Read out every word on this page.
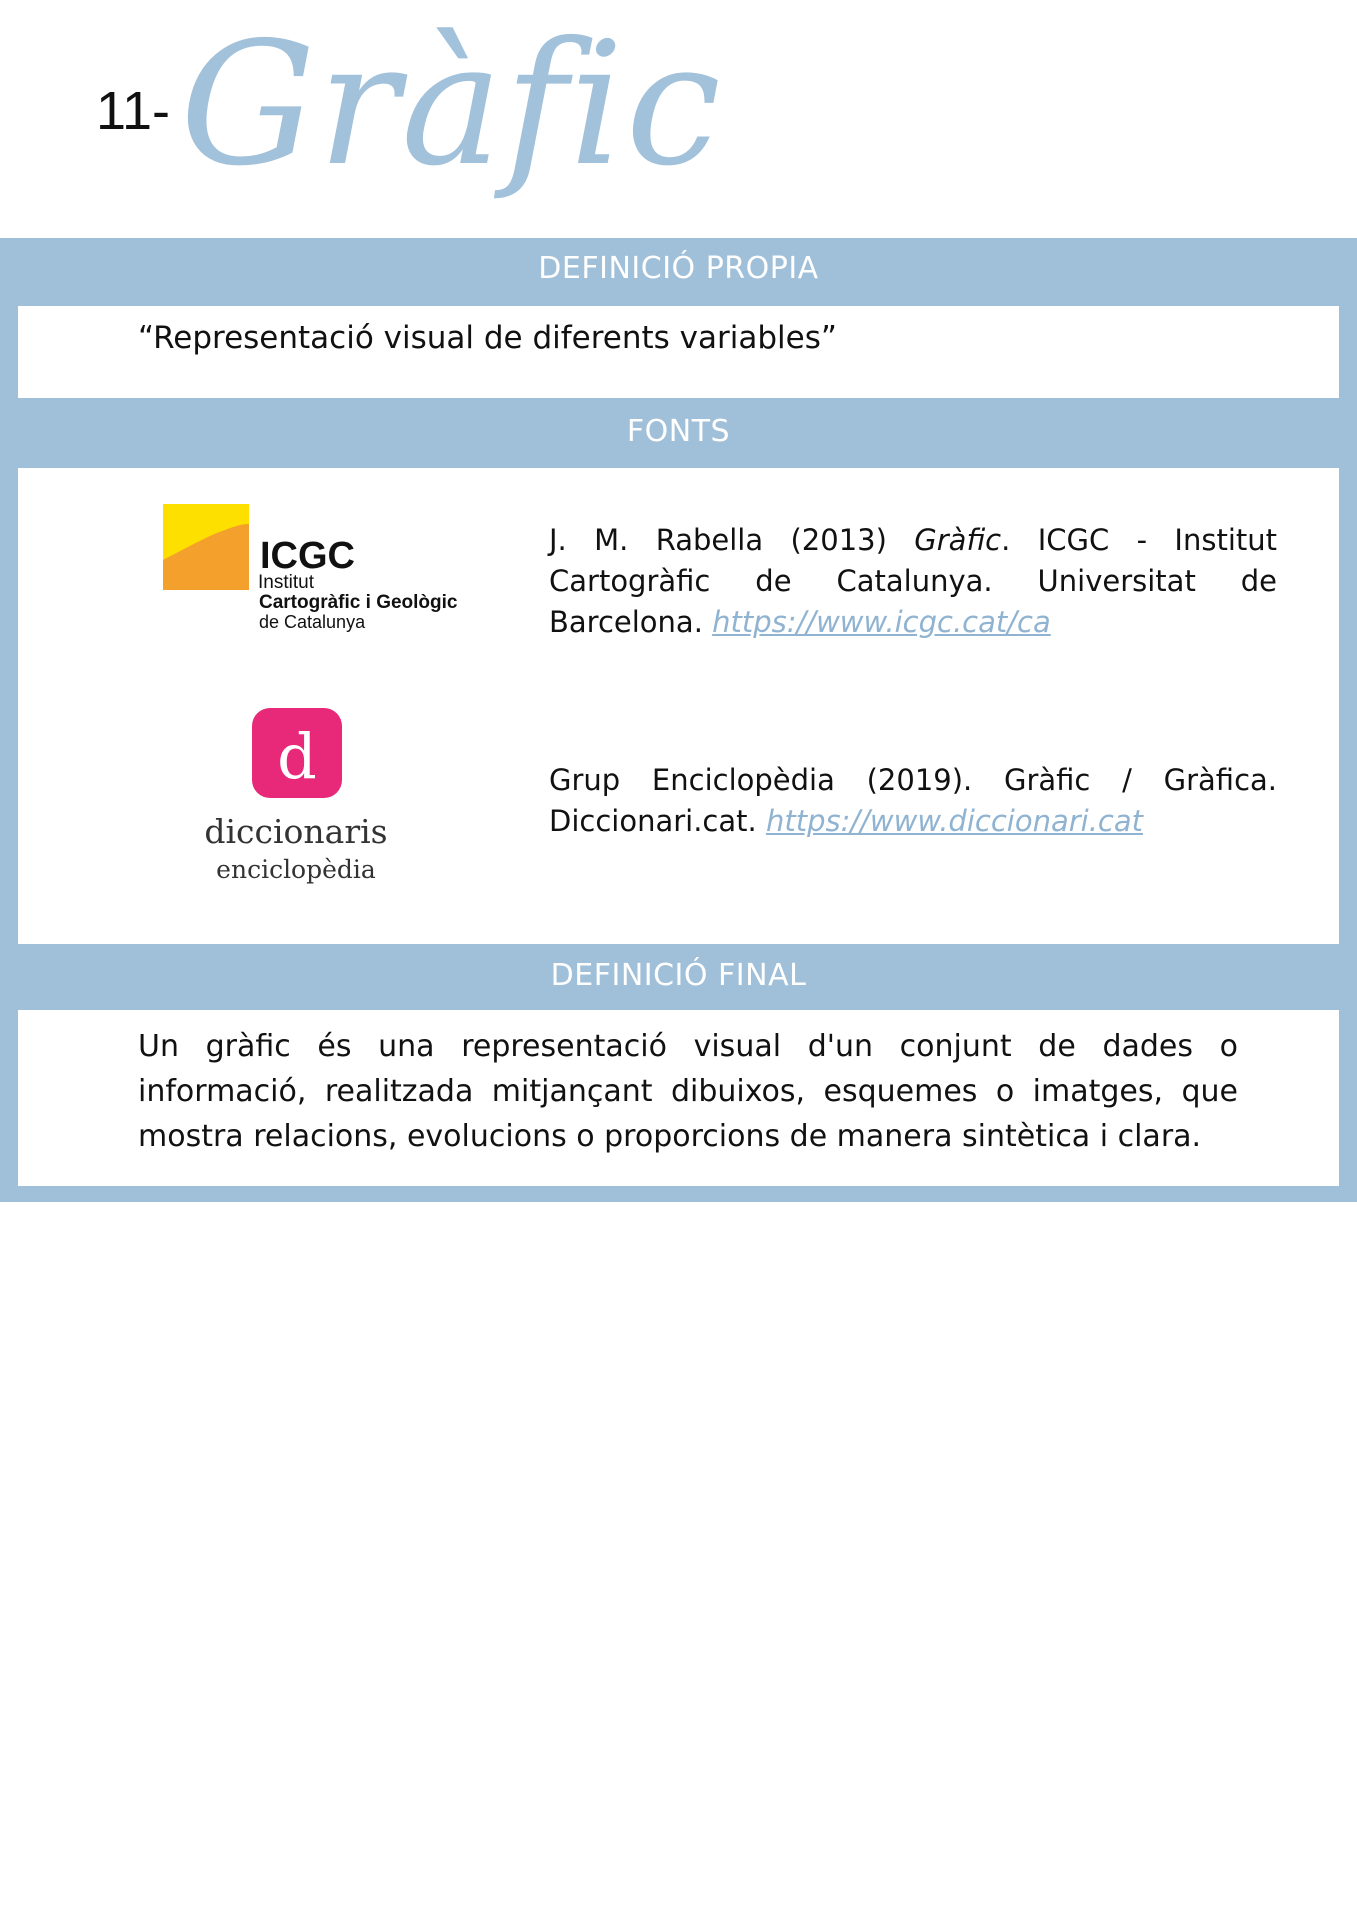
11- Gràfic
DEFINICIÓ PROPIA
“Representació visual de diferents variables”
FONTS
ICGC
Institut
Cartogràfic i Geològic
de Catalunya
d
diccionaris
enciclopèdia
J. M. Rabella (2013) Gràfic. ICGC - Institut Cartogràfic de Catalunya. Universitat de Barcelona. https://www.icgc.cat/ca
Grup Enciclopèdia (2019). Gràfic / Gràfica. Diccionari.cat. https://www.diccionari.cat
DEFINICIÓ FINAL
Un gràfic és una representació visual d'un conjunt de dades o informació, realitzada mitjançant dibuixos, esquemes o imatges, que mostra relacions, evolucions o proporcions de manera sintètica i clara.
